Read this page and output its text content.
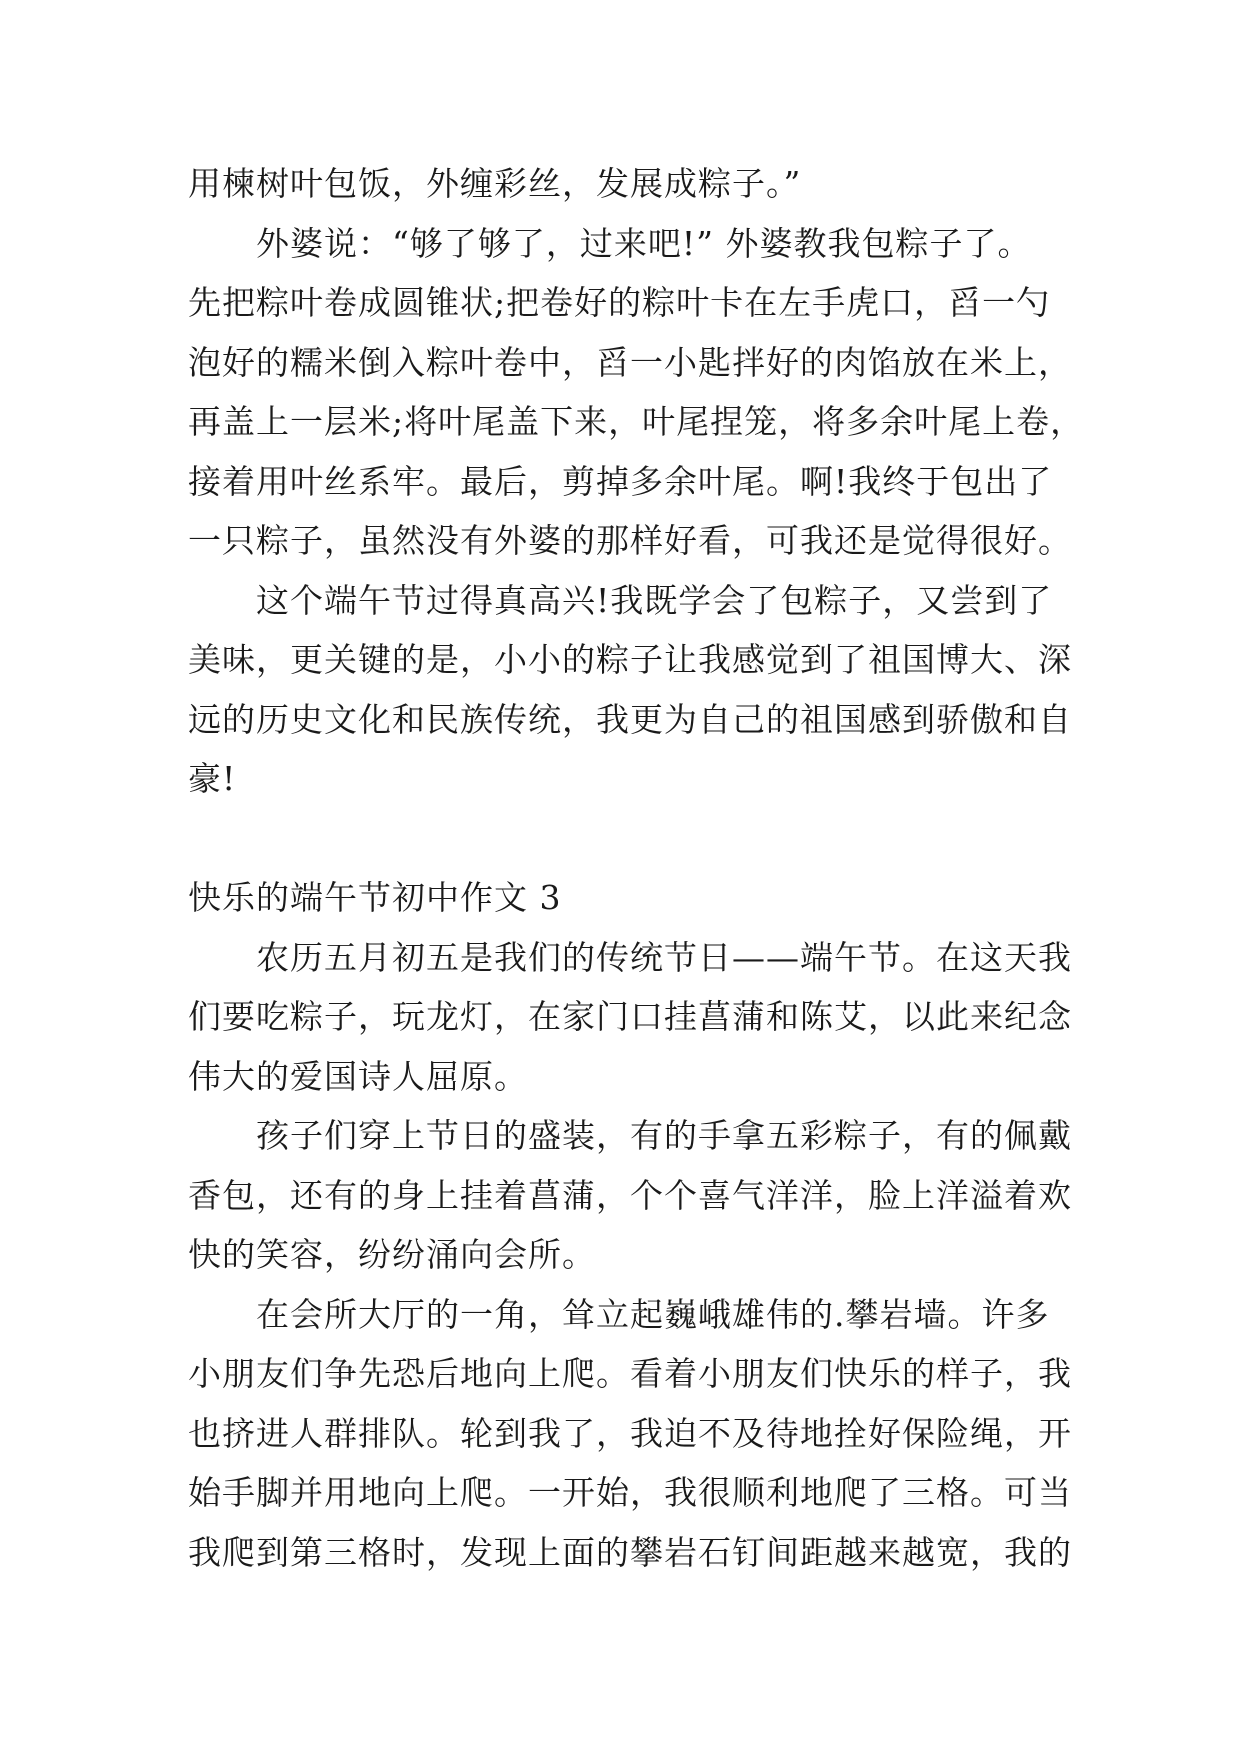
用楝树叶包饭，外缠彩丝，发展成粽子。”
外婆说：“够了够了，过来吧!” 外婆教我包粽子了。
先把粽叶卷成圆锥状;把卷好的粽叶卡在左手虎口，舀一勺
泡好的糯米倒入粽叶卷中，舀一小匙拌好的肉馅放在米上，
再盖上一层米;将叶尾盖下来，叶尾捏笼，将多余叶尾上卷，
接着用叶丝系牢。最后，剪掉多余叶尾。啊!我终于包出了
一只粽子，虽然没有外婆的那样好看，可我还是觉得很好。
这个端午节过得真高兴!我既学会了包粽子，又尝到了
美味，更关键的是，小小的粽子让我感觉到了祖国博大、深
远的历史文化和民族传统，我更为自己的祖国感到骄傲和自
豪!
快乐的端午节初中作文 3
农历五月初五是我们的传统节日——端午节。在这天我
们要吃粽子，玩龙灯，在家门口挂菖蒲和陈艾，以此来纪念
伟大的爱国诗人屈原。
孩子们穿上节日的盛装，有的手拿五彩粽子，有的佩戴
香包，还有的身上挂着菖蒲，个个喜气洋洋，脸上洋溢着欢
快的笑容，纷纷涌向会所。
在会所大厅的一角，耸立起巍峨雄伟的.攀岩墙。许多
小朋友们争先恐后地向上爬。看着小朋友们快乐的样子，我
也挤进人群排队。轮到我了，我迫不及待地拴好保险绳，开
始手脚并用地向上爬。一开始，我很顺利地爬了三格。可当
我爬到第三格时，发现上面的攀岩石钉间距越来越宽，我的
